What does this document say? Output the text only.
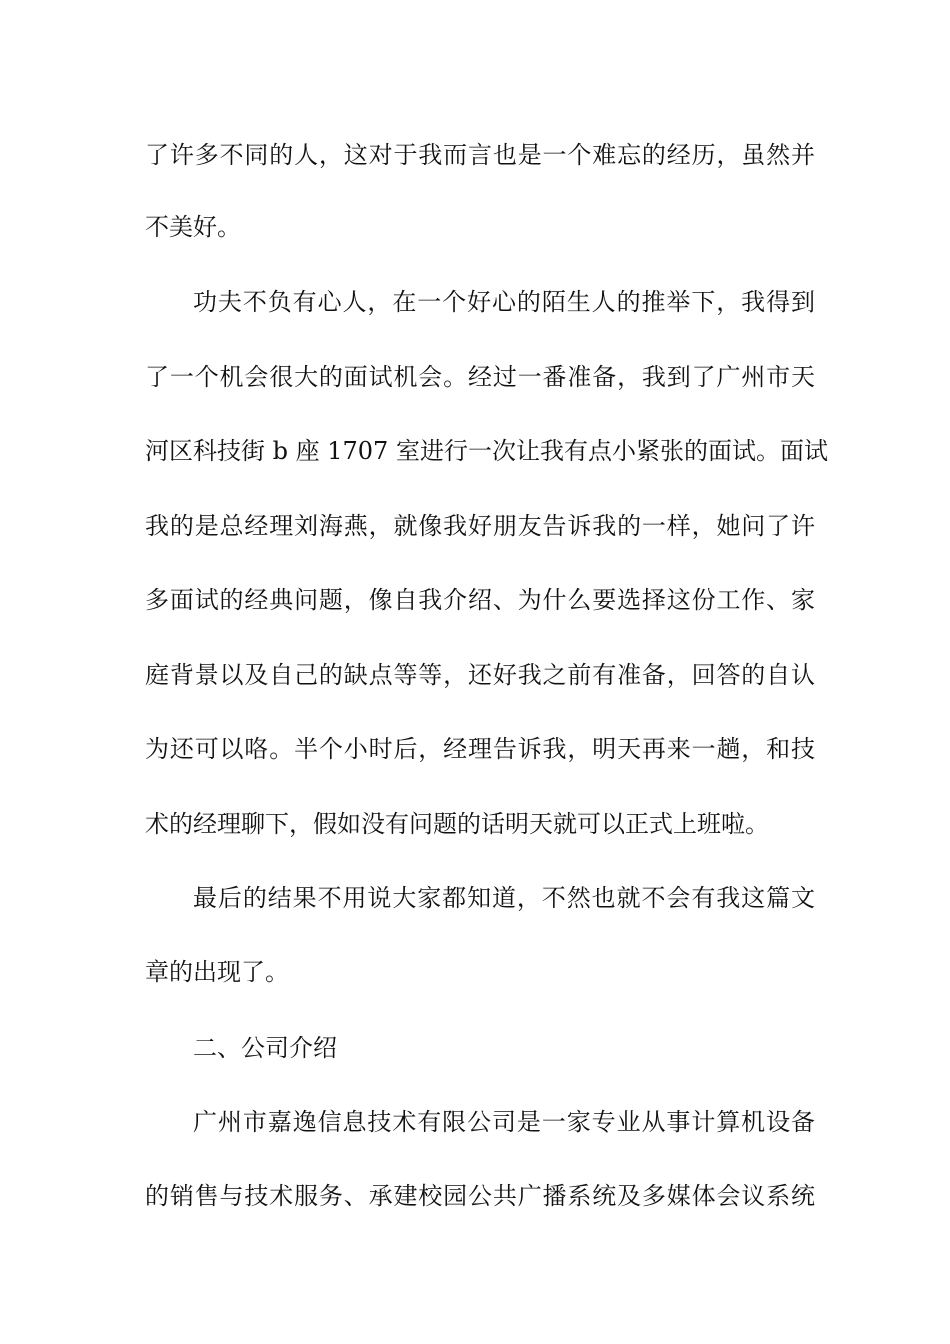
了许多不同的人，这对于我而言也是一个难忘的经历，虽然并
不美好。
功夫不负有心人，在一个好心的陌生人的推举下，我得到
了一个机会很大的面试机会。经过一番准备，我到了广州市天
河区科技街 b 座 1707 室进行一次让我有点小紧张的面试。面试
我的是总经理刘海燕，就像我好朋友告诉我的一样，她问了许
多面试的经典问题，像自我介绍、为什么要选择这份工作、家
庭背景以及自己的缺点等等，还好我之前有准备，回答的自认
为还可以咯。半个小时后，经理告诉我，明天再来一趟，和技
术的经理聊下，假如没有问题的话明天就可以正式上班啦。
最后的结果不用说大家都知道，不然也就不会有我这篇文
章的出现了。
二、公司介绍
广州市嘉逸信息技术有限公司是一家专业从事计算机设备
的销售与技术服务、承建校园公共广播系统及多媒体会议系统
